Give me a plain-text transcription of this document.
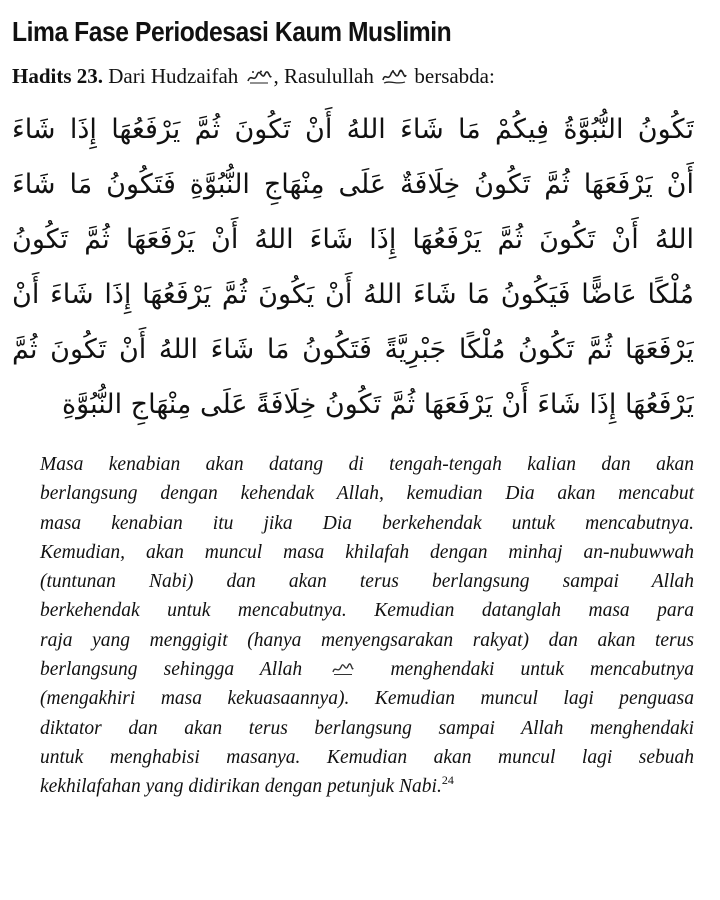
Lima Fase Periodesasi Kaum Muslimin
Hadits 23. Dari Hudzaifah , Rasulullah  bersabda:
تَكُونُ النُّبُوَّةُ فِيكُمْ مَا شَاءَ اللهُ أَنْ تَكُونَ ثُمَّ يَرْفَعُهَا إِذَا شَاءَ
أَنْ يَرْفَعَهَا ثُمَّ تَكُونُ خِلَافَةٌ عَلَى مِنْهَاجِ النُّبُوَّةِ فَتَكُونُ مَا شَاءَ
اللهُ أَنْ تَكُونَ ثُمَّ يَرْفَعُهَا إِذَا شَاءَ اللهُ أَنْ يَرْفَعَهَا ثُمَّ تَكُونُ
مُلْكًا عَاضًّا فَيَكُونُ مَا شَاءَ اللهُ أَنْ يَكُونَ ثُمَّ يَرْفَعُهَا إِذَا شَاءَ أَنْ
يَرْفَعَهَا ثُمَّ تَكُونُ مُلْكًا جَبْرِيَّةً فَتَكُونُ مَا شَاءَ اللهُ أَنْ تَكُونَ ثُمَّ
يَرْفَعُهَا إِذَا شَاءَ أَنْ يَرْفَعَهَا ثُمَّ تَكُونُ خِلَافَةً عَلَى مِنْهَاجِ النُّبُوَّةِ
Masa kenabian akan datang di tengah-tengah kalian dan akan
berlangsung dengan kehendak Allah, kemudian Dia akan mencabut
masa kenabian itu jika Dia berkehendak untuk mencabutnya.
Kemudian, akan muncul masa khilafah dengan minhaj an-nubuwwah
(tuntunan Nabi) dan akan terus berlangsung sampai Allah
berkehendak untuk mencabutnya. Kemudian datanglah masa para
raja yang menggigit (hanya menyengsarakan rakyat) dan akan terus
berlangsung sehingga Allah	menghendaki untuk mencabutnya
(mengakhiri masa kekuasaannya). Kemudian muncul lagi penguasa
diktator dan akan terus berlangsung sampai Allah menghendaki
untuk menghabisi masanya. Kemudian akan muncul lagi sebuah
kekhilafahan yang didirikan dengan petunjuk Nabi.$^{24}$
